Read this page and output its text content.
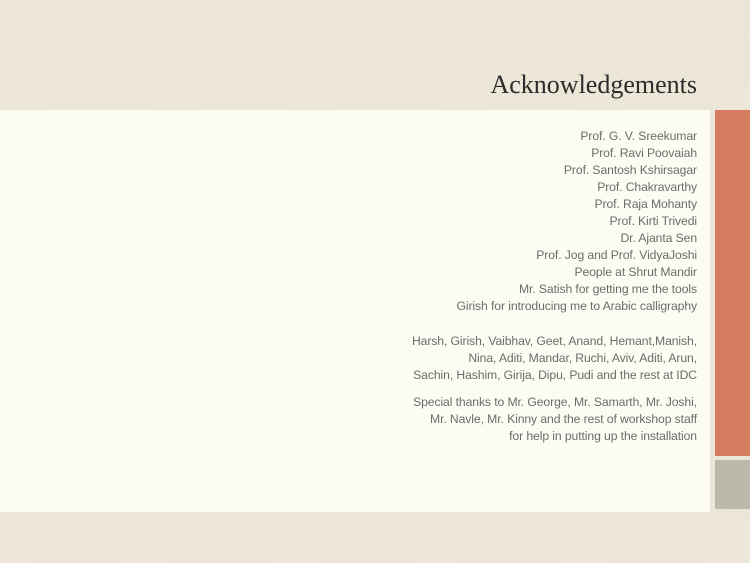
Acknowledgements
Prof. G. V. Sreekumar
Prof. Ravi Poovaiah
Prof. Santosh Kshirsagar
Prof. Chakravarthy
Prof. Raja Mohanty
Prof. Kirti Trivedi
Dr. Ajanta Sen
Prof. Jog and Prof. VidyaJoshi
People at Shrut Mandir
Mr. Satish for getting me the tools
Girish for introducing me to Arabic calligraphy
Harsh, Girish, Vaibhav, Geet, Anand, Hemant,Manish,
Nina, Aditi, Mandar, Ruchi, Aviv, Aditi, Arun,
Sachin, Hashim, Girija, Dipu, Pudi and the rest at IDC
Special thanks to Mr. George, Mr. Samarth, Mr. Joshi,
Mr. Navle, Mr. Kinny and the rest of workshop staff
for help in putting up the installation
